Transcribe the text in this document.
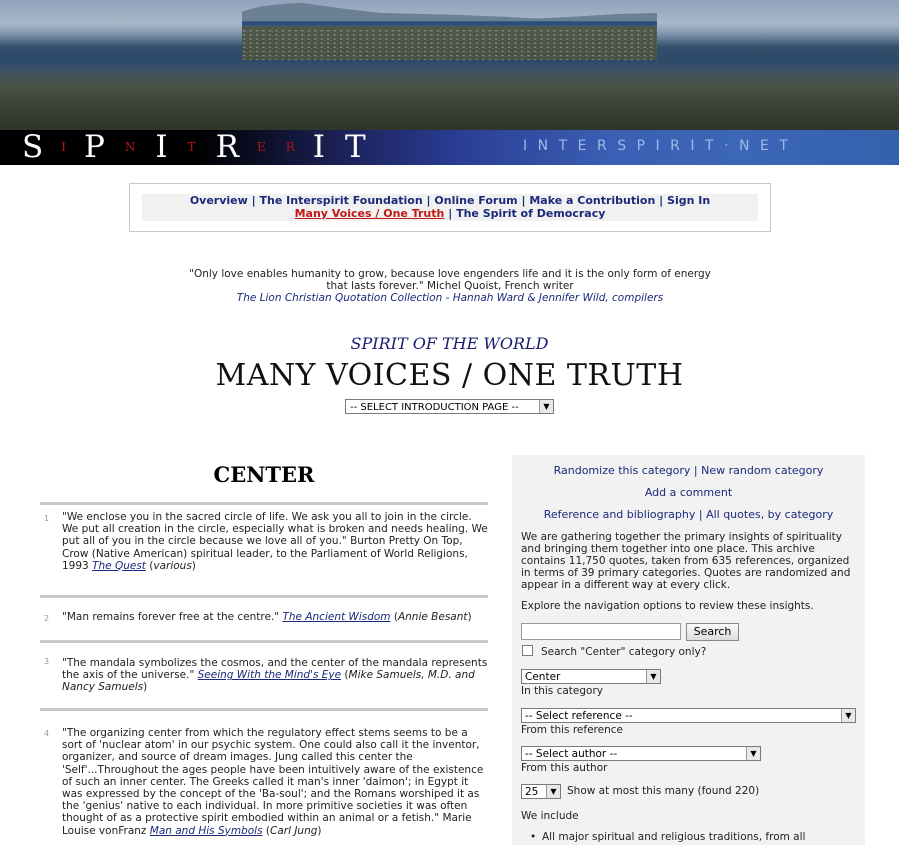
S I P N I T R E R I T	INTERSPIRIT·NET
Overview | The Interspirit Foundation | Online Forum | Make a Contribution | Sign In
Many Voices / One Truth | The Spirit of Democracy
"Only love enables humanity to grow, because love engenders life and it is the only form of energy that lasts forever." Michel Quoist, French writer
The Lion Christian Quotation Collection - Hannah Ward & Jennifer Wild, compilers
SPIRIT OF THE WORLD
MANY VOICES / ONE TRUTH
-- SELECT INTRODUCTION PAGE --	▼
CENTER
1 "We enclose you in the sacred circle of life. We ask you all to join in the circle. We put all creation in the circle, especially what is broken and needs healing. We put all of you in the circle because we love all of you." Burton Pretty On Top, Crow (Native American) spiritual leader, to the Parliament of World Religions, 1993 The Quest (various)
2 "Man remains forever free at the centre." The Ancient Wisdom (Annie Besant)
3 "The mandala symbolizes the cosmos, and the center of the mandala represents the axis of the universe." Seeing With the Mind's Eye (Mike Samuels, M.D. and Nancy Samuels)
4 "The organizing center from which the regulatory effect stems seems to be a sort of 'nuclear atom' in our psychic system. One could also call it the inventor, organizer, and source of dream images. Jung called this center the 'Self'...Throughout the ages people have been intuitively aware of the existence of such an inner center. The Greeks called it man's inner 'daimon'; in Egypt it was expressed by the concept of the 'Ba-soul'; and the Romans worshiped it as the 'genius' native to each individual. In more primitive societies it was often thought of as a protective spirit embodied within an animal or a fetish." Marie Louise vonFranz Man and His Symbols (Carl Jung)
Randomize this category | New random category
Add a comment
Reference and bibliography | All quotes, by category
We are gathering together the primary insights of spirituality and bringing them together into one place. This archive contains 11,750 quotes, taken from 635 references, organized in terms of 39 primary categories. Quotes are randomized and appear in a different way at every click.
Explore the navigation options to review these insights.
Search
Search "Center" category only?
Center	▼
In this category
-- Select reference --	▼
From this reference
-- Select author --	▼
From this author
25	▼ Show at most this many (found 220)
We include
• All major spiritual and religious traditions, from all
